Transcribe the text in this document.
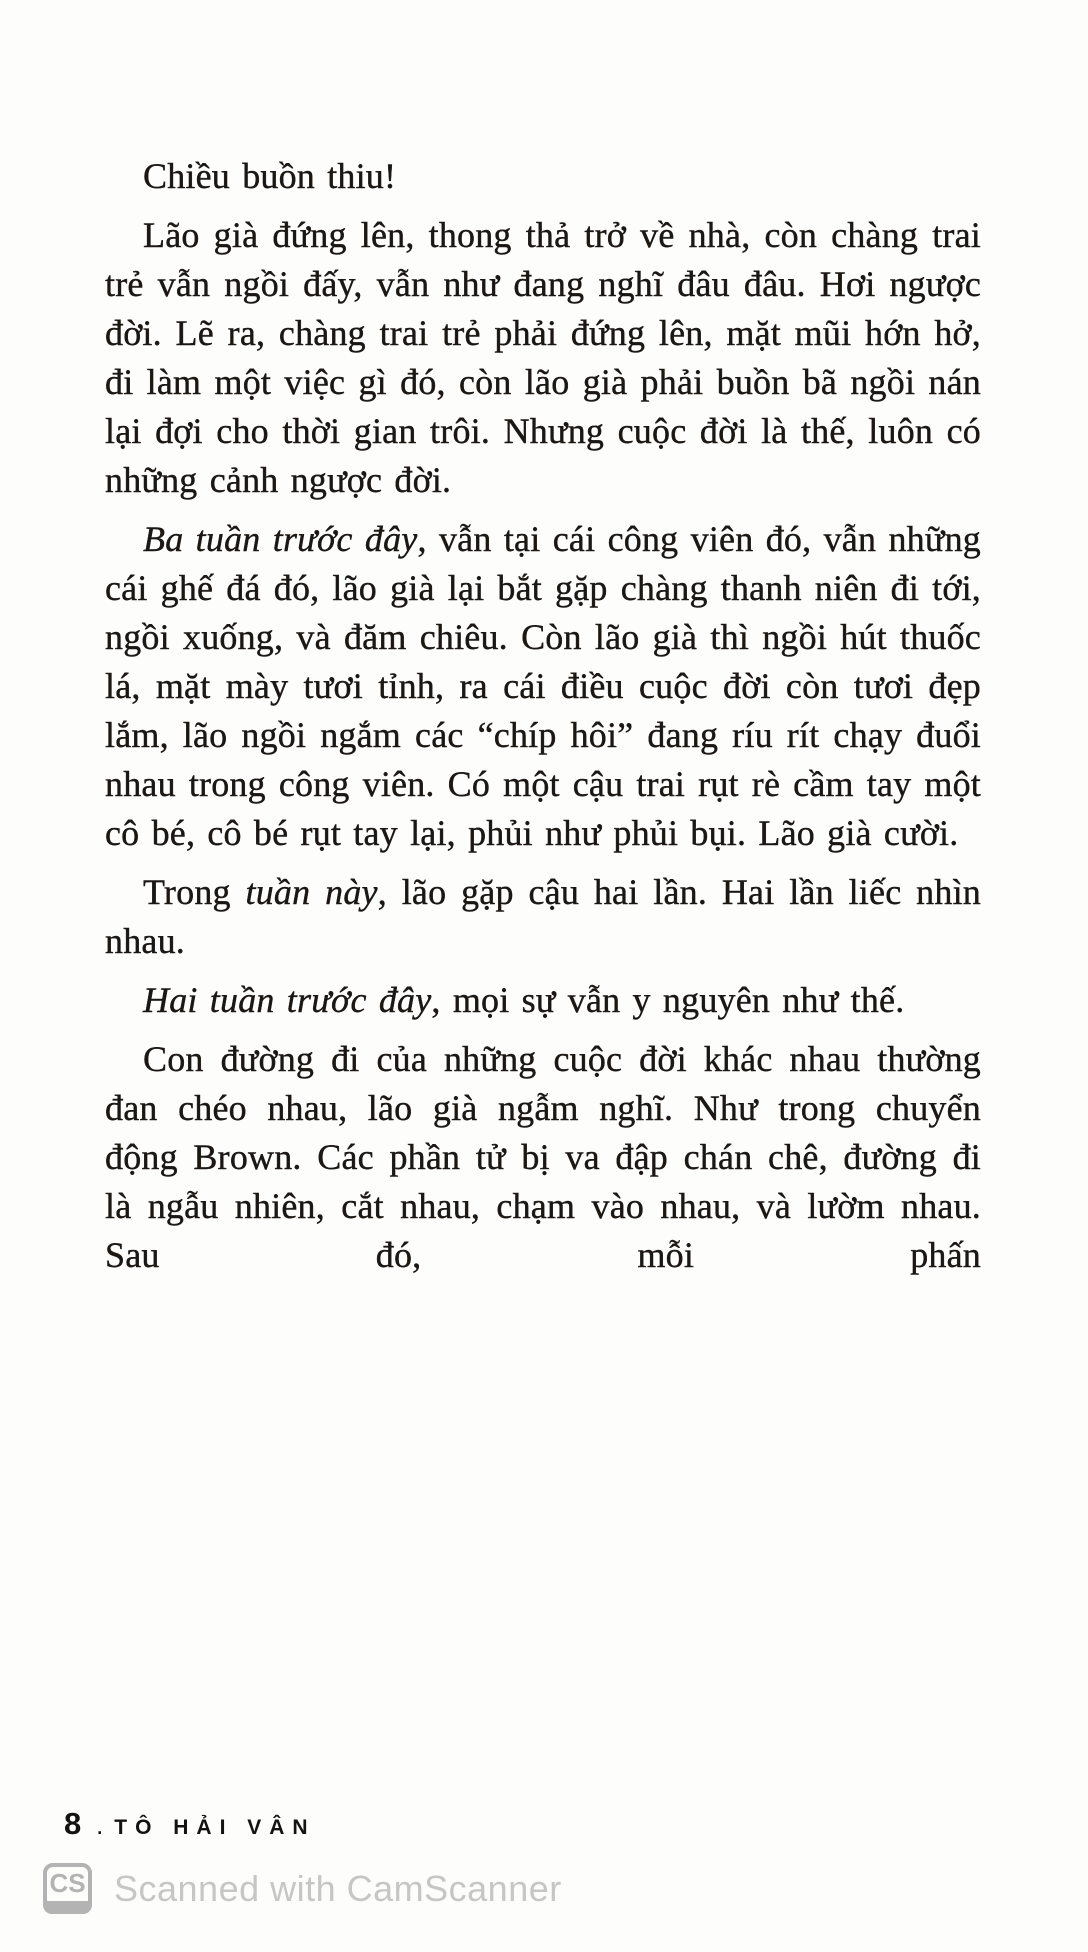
Chiều buồn thiu!

Lão già đứng lên, thong thả trở về nhà, còn chàng trai trẻ vẫn ngồi đấy, vẫn như đang nghĩ đâu đâu. Hơi ngược đời. Lẽ ra, chàng trai trẻ phải đứng lên, mặt mũi hớn hở, đi làm một việc gì đó, còn lão già phải buồn bã ngồi nán lại đợi cho thời gian trôi. Nhưng cuộc đời là thế, luôn có những cảnh ngược đời.

Ba tuần trước đây, vẫn tại cái công viên đó, vẫn những cái ghế đá đó, lão già lại bắt gặp chàng thanh niên đi tới, ngồi xuống, và đăm chiêu. Còn lão già thì ngồi hút thuốc lá, mặt mày tươi tỉnh, ra cái điều cuộc đời còn tươi đẹp lắm, lão ngồi ngắm các “chíp hôi” đang ríu rít chạy đuổi nhau trong công viên. Có một cậu trai rụt rè cầm tay một cô bé, cô bé rụt tay lại, phủi như phủi bụi. Lão già cười.

Trong tuần này, lão gặp cậu hai lần. Hai lần liếc nhìn nhau.

Hai tuần trước đây, mọi sự vẫn y nguyên như thế.

Con đường đi của những cuộc đời khác nhau thường đan chéo nhau, lão già ngẫm nghĩ. Như trong chuyển động Brown. Các phần tử bị va đập chán chê, đường đi là ngẫu nhiên, cắt nhau, chạm vào nhau, và lườm nhau. Sau đó, mỗi phấn

8 . TÔ HẢI VÂN
CS Scanned with CamScanner
